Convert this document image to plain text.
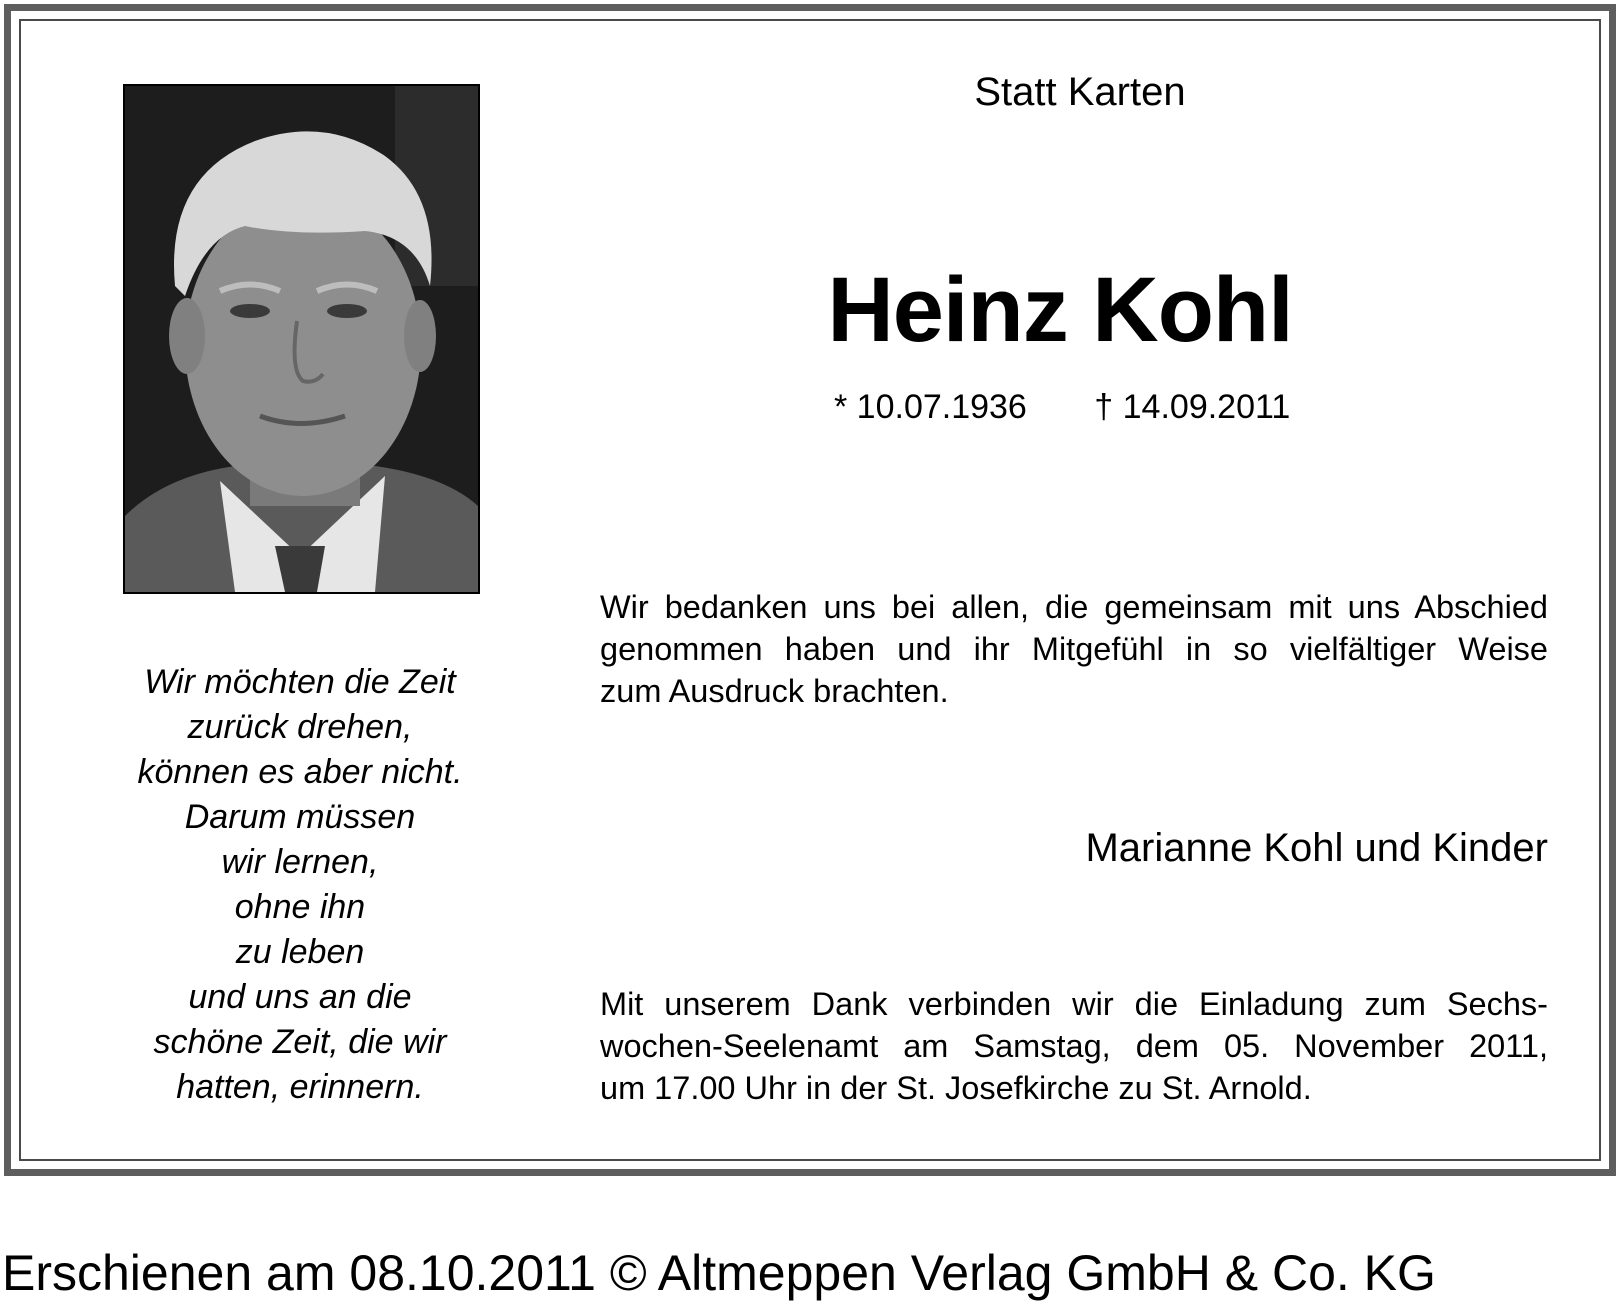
Statt Karten
Heinz Kohl
* 10.07.1936 † 14.09.2011
Wir möchten die Zeit
zurück drehen,
können es aber nicht.
Darum müssen
wir lernen,
ohne ihn
zu leben
und uns an die
schöne Zeit, die wir
hatten, erinnern.
Wir bedanken uns bei allen, die gemeinsam mit uns Abschied
genommen haben und ihr Mitgefühl in so vielfältiger Weise
zum Ausdruck brachten.
Marianne Kohl und Kinder
Mit unserem Dank verbinden wir die Einladung zum Sechs-
wochen-Seelenamt am Samstag, dem 05. November 2011,
um 17.00 Uhr in der St. Josefkirche zu St. Arnold.
Erschienen am 08.10.2011 © Altmeppen Verlag GmbH & Co. KG
